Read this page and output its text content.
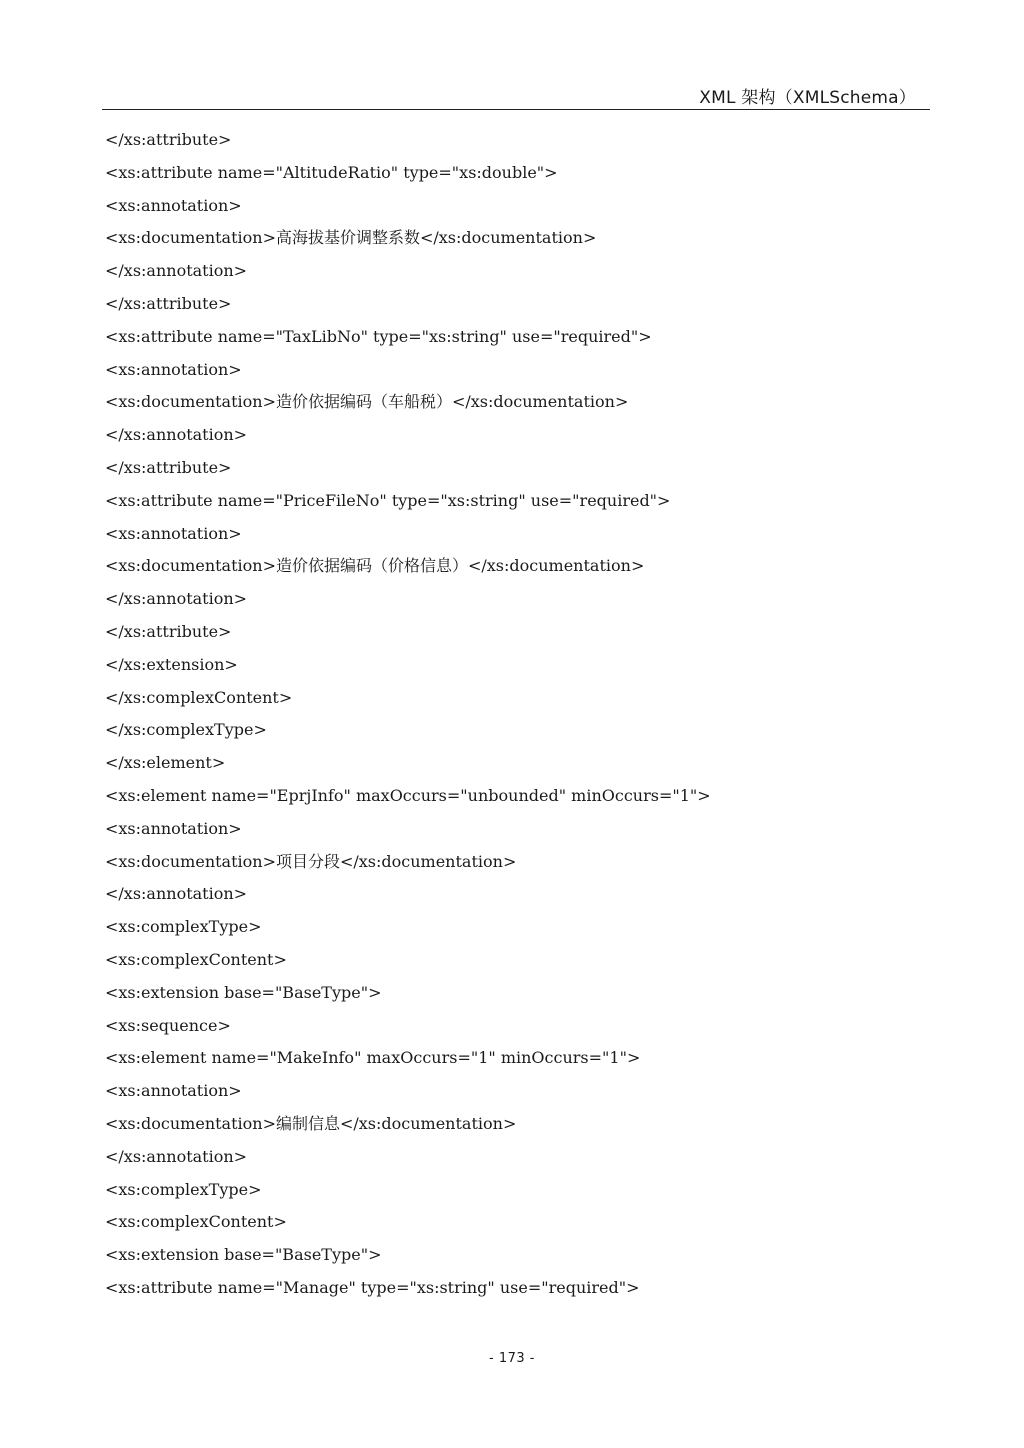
XML 架构（XMLSchema）
</xs:attribute>
<xs:attribute name="AltitudeRatio" type="xs:double">
<xs:annotation>
<xs:documentation>高海拔基价调整系数</xs:documentation>
</xs:annotation>
</xs:attribute>
<xs:attribute name="TaxLibNo" type="xs:string" use="required">
<xs:annotation>
<xs:documentation>造价依据编码（车船税）</xs:documentation>
</xs:annotation>
</xs:attribute>
<xs:attribute name="PriceFileNo" type="xs:string" use="required">
<xs:annotation>
<xs:documentation>造价依据编码（价格信息）</xs:documentation>
</xs:annotation>
</xs:attribute>
</xs:extension>
</xs:complexContent>
</xs:complexType>
</xs:element>
<xs:element name="EprjInfo" maxOccurs="unbounded" minOccurs="1">
<xs:annotation>
<xs:documentation>项目分段</xs:documentation>
</xs:annotation>
<xs:complexType>
<xs:complexContent>
<xs:extension base="BaseType">
<xs:sequence>
<xs:element name="MakeInfo" maxOccurs="1" minOccurs="1">
<xs:annotation>
<xs:documentation>编制信息</xs:documentation>
</xs:annotation>
<xs:complexType>
<xs:complexContent>
<xs:extension base="BaseType">
<xs:attribute name="Manage" type="xs:string" use="required">
- 173 -
